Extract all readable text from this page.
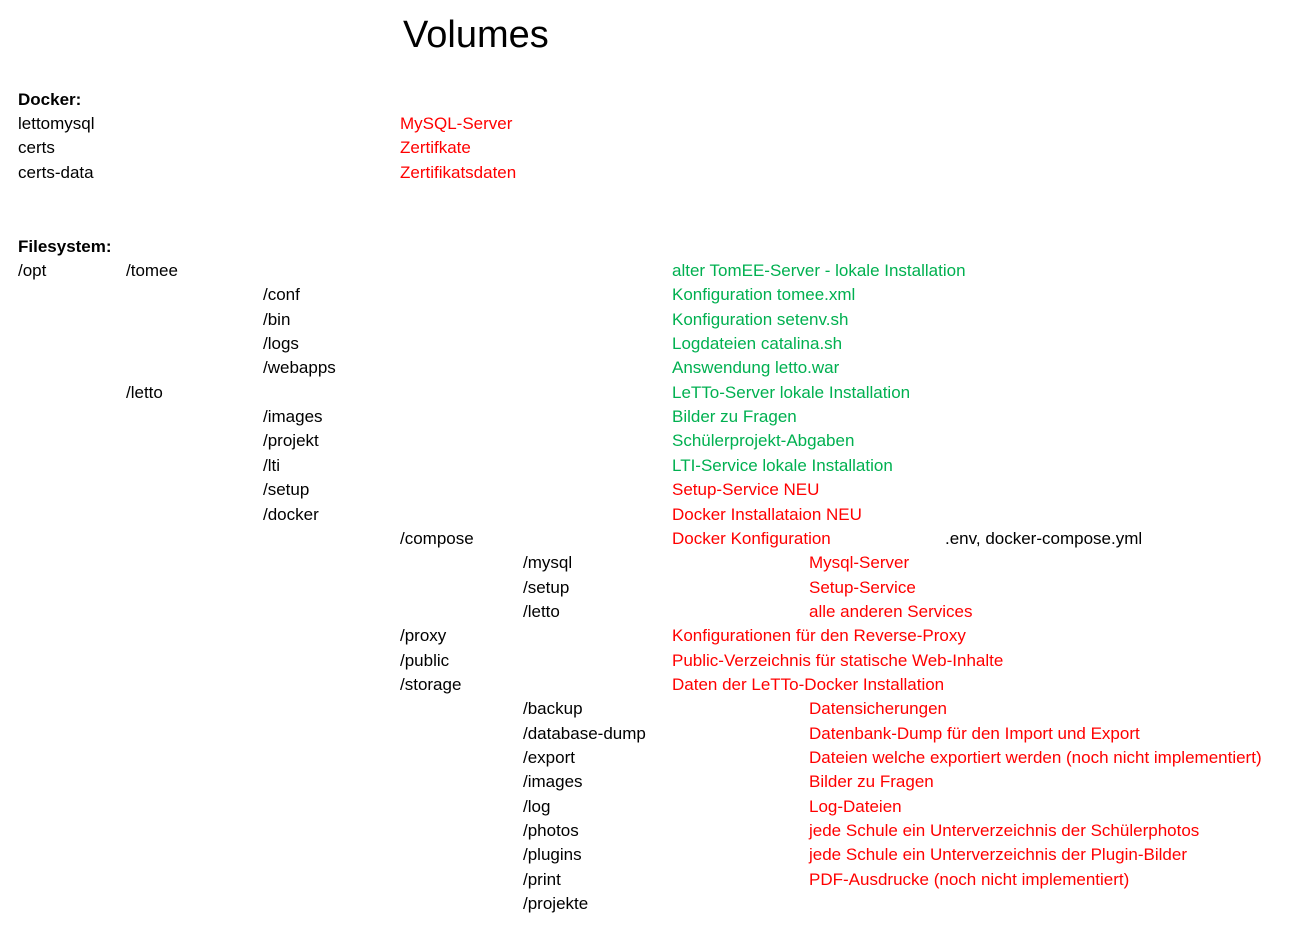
Volumes
Docker:
lettomysql	MySQL-Server
certs	Zertifkate
certs-data	Zertifikatsdaten
Filesystem:
/opt	/tomee	alter TomEE-Server - lokale Installation
/conf	Konfiguration tomee.xml
/bin	Konfiguration setenv.sh
/logs	Logdateien catalina.sh
/webapps	Answendung letto.war
/letto	LeTTo-Server lokale Installation
/images	Bilder zu Fragen
/projekt	Schülerprojekt-Abgaben
/lti	LTI-Service lokale Installation
/setup	Setup-Service NEU
/docker	Docker Installataion NEU
/compose	Docker Konfiguration	.env, docker-compose.yml
/mysql	Mysql-Server
/setup	Setup-Service
/letto	alle anderen Services
/proxy	Konfigurationen für den Reverse-Proxy
/public	Public-Verzeichnis für statische Web-Inhalte
/storage	Daten der LeTTo-Docker Installation
/backup	Datensicherungen
/database-dump	Datenbank-Dump für den Import und Export
/export	Dateien welche exportiert werden (noch nicht implementiert)
/images	Bilder zu Fragen
/log	Log-Dateien
/photos	jede Schule ein Unterverzeichnis der Schülerphotos
/plugins	jede Schule ein Unterverzeichnis der Plugin-Bilder
/print	PDF-Ausdrucke (noch nicht implementiert)
/projekte
